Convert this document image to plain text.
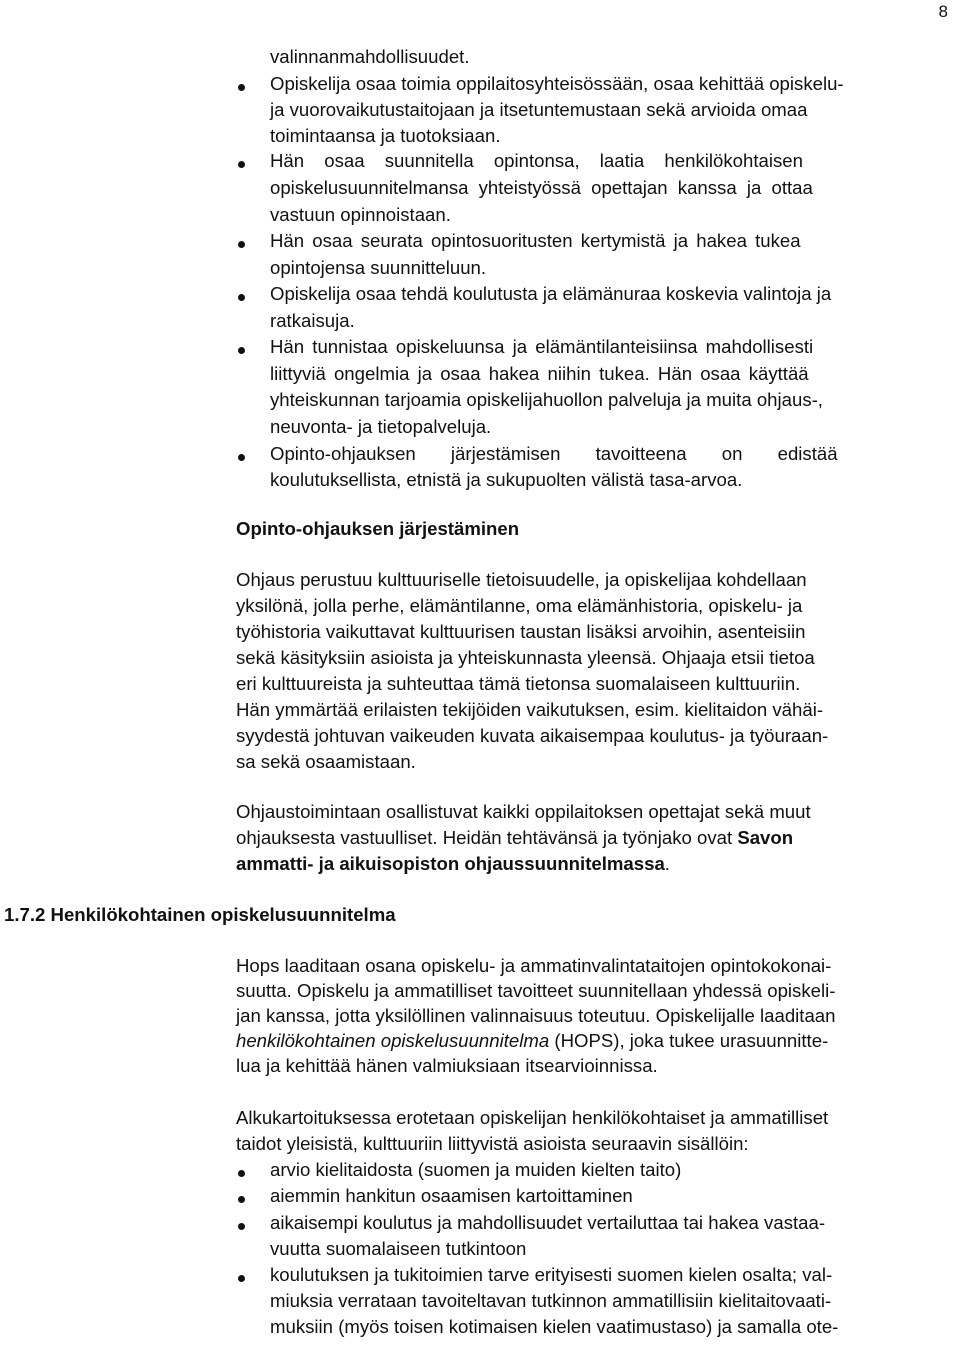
8
valinnanmahdollisuudet.
Opiskelija osaa toimia oppilaitosyhteisössään, osaa kehittää opiskelu-
ja vuorovaikutustaitojaan ja itsetuntemustaan sekä arvioida omaa
toimintaansa ja tuotoksiaan.
Hän osaa suunnitella opintonsa, laatia henkilökohtaisen
opiskelusuunnitelmansa yhteistyössä opettajan kanssa ja ottaa
vastuun opinnoistaan.
Hän osaa seurata opintosuoritusten kertymistä ja hakea tukea
opintojensa suunnitteluun.
Opiskelija osaa tehdä koulutusta ja elämänuraa koskevia valintoja ja
ratkaisuja.
Hän tunnistaa opiskeluunsa ja elämäntilanteisiinsa mahdollisesti
liittyviä ongelmia ja osaa hakea niihin tukea. Hän osaa käyttää
yhteiskunnan tarjoamia opiskelijahuollon palveluja ja muita ohjaus-,
neuvonta- ja tietopalveluja.
Opinto-ohjauksen järjestämisen tavoitteena on edistää
koulutuksellista, etnistä ja sukupuolten välistä tasa-arvoa.
Opinto-ohjauksen järjestäminen
Ohjaus perustuu kulttuuriselle tietoisuudelle, ja opiskelijaa kohdellaan
yksilönä, jolla perhe, elämäntilanne, oma elämänhistoria, opiskelu- ja
työhistoria vaikuttavat kulttuurisen taustan lisäksi arvoihin, asenteisiin
sekä käsityksiin asioista ja yhteiskunnasta yleensä. Ohjaaja etsii tietoa
eri kulttuureista ja suhteuttaa tämä tietonsa suomalaiseen kulttuuriin.
Hän ymmärtää erilaisten tekijöiden vaikutuksen, esim. kielitaidon vähäi-
syydestä johtuvan vaikeuden kuvata aikaisempaa koulutus- ja työuraan-
sa sekä osaamistaan.
Ohjaustoimintaan osallistuvat kaikki oppilaitoksen opettajat sekä muut
ohjauksesta vastuulliset. Heidän tehtävänsä ja työnjako ovat Savon
ammatti- ja aikuisopiston ohjaussuunnitelmassa.
1.7.2 Henkilökohtainen opiskelusuunnitelma
Hops laaditaan osana opiskelu- ja ammatinvalintataitojen opintokokonai-
suutta. Opiskelu ja ammatilliset tavoitteet suunnitellaan yhdessä opiskeli-
jan kanssa, jotta yksilöllinen valinnaisuus toteutuu. Opiskelijalle laaditaan
henkilökohtainen opiskelusuunnitelma (HOPS), joka tukee urasuunnitte-
lua ja kehittää hänen valmiuksiaan itsearvioinnissa.
Alkukartoituksessa erotetaan opiskelijan henkilökohtaiset ja ammatilliset
taidot yleisistä, kulttuuriin liittyvistä asioista seuraavin sisällöin:
arvio kielitaidosta (suomen ja muiden kielten taito)
aiemmin hankitun osaamisen kartoittaminen
aikaisempi koulutus ja mahdollisuudet vertailuttaa tai hakea vastaa-
vuutta suomalaiseen tutkintoon
koulutuksen ja tukitoimien tarve erityisesti suomen kielen osalta; val-
miuksia verrataan tavoiteltavan tutkinnon ammatillisiin kielitaitovaati-
muksiin (myös toisen kotimaisen kielen vaatimustaso) ja samalla ote-
